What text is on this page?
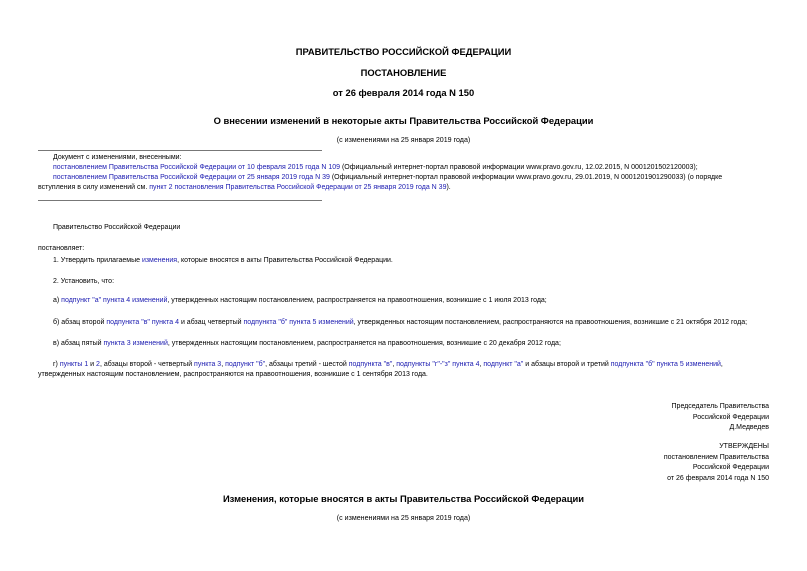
ПРАВИТЕЛЬСТВО РОССИЙСКОЙ ФЕДЕРАЦИИ
ПОСТАНОВЛЕНИЕ
от 26 февраля 2014 года N 150
О внесении изменений в некоторые акты Правительства Российской Федерации
(с изменениями на 25 января 2019 года)
Документ с изменениями, внесенными:
постановлением Правительства Российской Федерации от 10 февраля 2015 года N 109 (Официальный интернет-портал правовой информации www.pravo.gov.ru, 12.02.2015, N 0001201502120003);
постановлением Правительства Российской Федерации от 25 января 2019 года N 39 (Официальный интернет-портал правовой информации www.pravo.gov.ru, 29.01.2019, N 0001201901290033) (о порядке
вступления в силу изменений см. пункт 2 постановления Правительства Российской Федерации от 25 января 2019 года N 39).
Правительство Российской Федерации
постановляет:
1. Утвердить прилагаемые изменения, которые вносятся в акты Правительства Российской Федерации.
2. Установить, что:
а) подпункт "а" пункта 4 изменений, утвержденных настоящим постановлением, распространяется на правоотношения, возникшие с 1 июля 2013 года;
б) абзац второй подпункта "в" пункта 4 и абзац четвертый подпункта "б" пункта 5 изменений, утвержденных настоящим постановлением, распространяются на правоотношения, возникшие с 21 октября 2012 года;
в) абзац пятый пункта 3 изменений, утвержденных настоящим постановлением, распространяется на правоотношения, возникшие с 20 декабря 2012 года;
г) пункты 1 и 2, абзацы второй - четвертый пункта 3, подпункт "б", абзацы третий - шестой подпункта "в", подпункты "г"-"з" пункта 4, подпункт "а" и абзацы второй и третий подпункта "б" пункта 5 изменений,
утвержденных настоящим постановлением, распространяются на правоотношения, возникшие с 1 сентября 2013 года.
Председатель Правительства
Российской Федерации
Д.Медведев
УТВЕРЖДЕНЫ
постановлением Правительства
Российской Федерации
от 26 февраля 2014 года N 150
Изменения, которые вносятся в акты Правительства Российской Федерации
(с изменениями на 25 января 2019 года)
